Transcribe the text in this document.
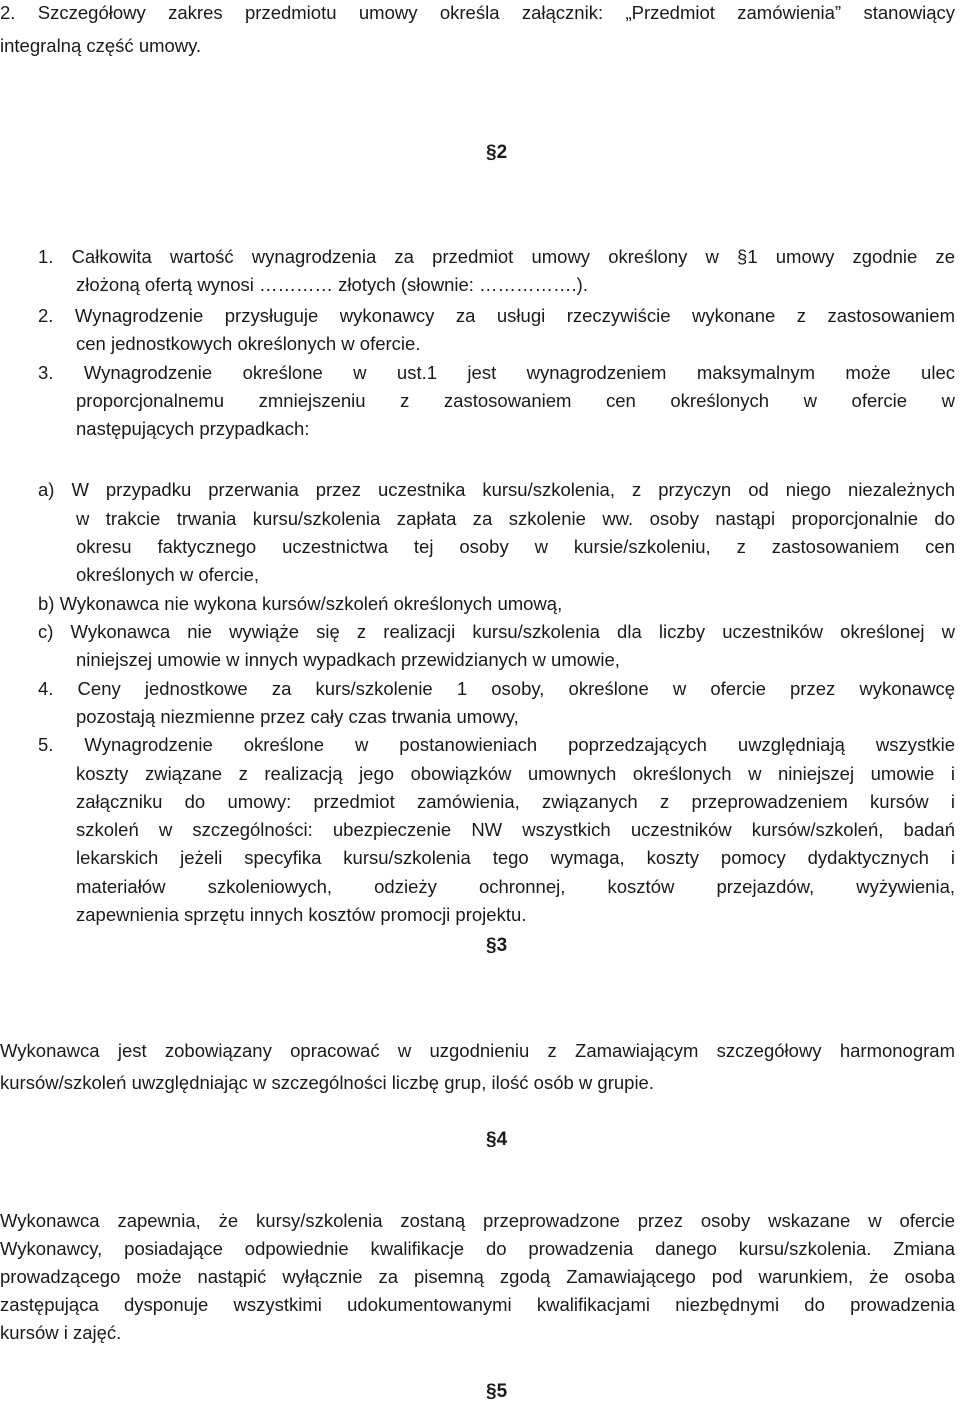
2. Szczegółowy zakres przedmiotu umowy określa załącznik: „Przedmiot zamówienia” stanowiący
integralną część umowy.
§2
1. Całkowita wartość wynagrodzenia za przedmiot umowy określony w §1 umowy zgodnie ze
złożoną ofertą wynosi ………… złotych (słownie: …………….).
2. Wynagrodzenie przysługuje wykonawcy za usługi rzeczywiście wykonane z zastosowaniem
cen jednostkowych określonych w ofercie.
3. Wynagrodzenie określone w ust.1 jest wynagrodzeniem maksymalnym może ulec
proporcjonalnemu zmniejszeniu z zastosowaniem cen określonych w ofercie w
następujących przypadkach:
a) W przypadku przerwania przez uczestnika kursu/szkolenia, z przyczyn od niego niezależnych
w trakcie trwania kursu/szkolenia zapłata za szkolenie ww. osoby nastąpi proporcjonalnie do
okresu faktycznego uczestnictwa tej osoby w kursie/szkoleniu, z zastosowaniem cen
określonych w ofercie,
b) Wykonawca nie wykona kursów/szkoleń określonych umową,
c) Wykonawca nie wywiąże się z realizacji kursu/szkolenia dla liczby uczestników określonej w
niniejszej umowie w innych wypadkach przewidzianych w umowie,
4. Ceny jednostkowe za kurs/szkolenie 1 osoby, określone w ofercie przez wykonawcę
pozostają niezmienne przez cały czas trwania umowy,
5. Wynagrodzenie określone w postanowieniach poprzedzających uwzględniają wszystkie
koszty związane z realizacją jego obowiązków umownych określonych w niniejszej umowie i
załączniku do umowy: przedmiot zamówienia, związanych z przeprowadzeniem kursów i
szkoleń w szczególności: ubezpieczenie NW wszystkich uczestników kursów/szkoleń, badań
lekarskich jeżeli specyfika kursu/szkolenia tego wymaga, koszty pomocy dydaktycznych i
materiałów szkoleniowych, odzieży ochronnej, kosztów przejazdów, wyżywienia,
zapewnienia sprzętu innych kosztów promocji projektu.
§3
Wykonawca jest zobowiązany opracować w uzgodnieniu z Zamawiającym szczegółowy harmonogram
kursów/szkoleń uwzględniając w szczególności liczbę grup, ilość osób w grupie.
§4
Wykonawca zapewnia, że kursy/szkolenia zostaną przeprowadzone przez osoby wskazane w ofercie
Wykonawcy, posiadające odpowiednie kwalifikacje do prowadzenia danego kursu/szkolenia. Zmiana
prowadzącego może nastąpić wyłącznie za pisemną zgodą Zamawiającego pod warunkiem, że osoba
zastępująca dysponuje wszystkimi udokumentowanymi kwalifikacjami niezbędnymi do prowadzenia
kursów i zajęć.
§5
